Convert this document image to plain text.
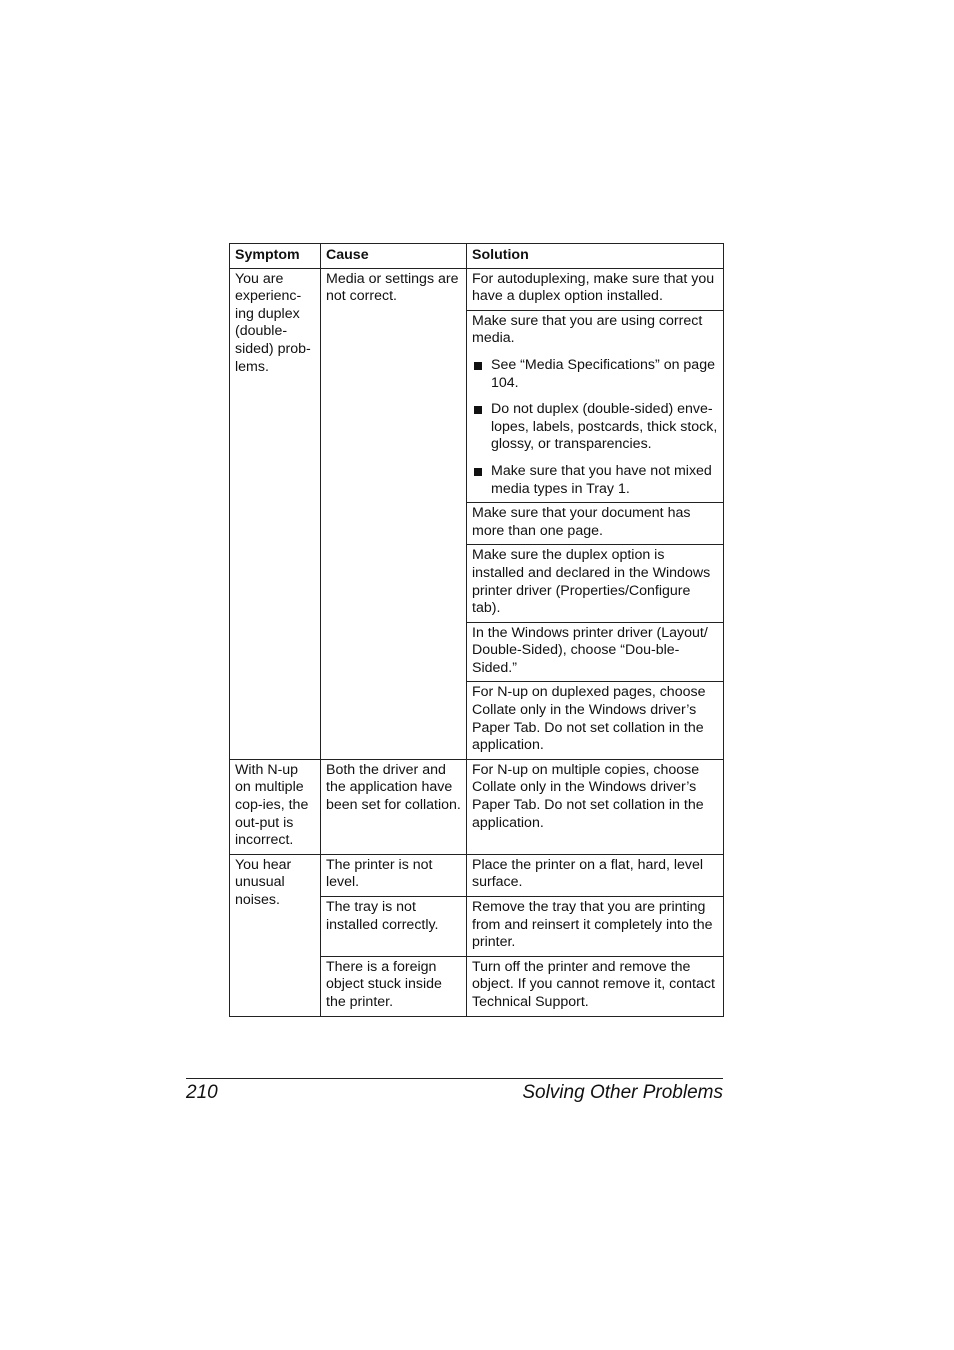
Symptom	Cause	Solution
You are experienc-ing duplex (double-sided) prob-lems.	Media or settings are not correct.	For autoduplexing, make sure that you have a duplex option installed.

		Make sure that you are using correct media.
See “Media Specifications” on page 104.
Do not duplex (double-sided) enve-lopes, labels, postcards, thick stock, glossy, or transparencies.
Make sure that you have not mixed media types in Tray 1.

		Make sure that your document has more than one page.
		Make sure the duplex option is installed and declared in the Windows printer driver (Properties/Configure tab).
		In the Windows printer driver (Layout/ Double-Sided), choose “Dou-ble-Sided.”
		For N-up on duplexed pages, choose Collate only in the Windows driver’s Paper Tab. Do not set collation in the application.
With N-up on multiple cop-ies, the out-put is incorrect.	Both the driver and the application have been set for collation.	For N-up on multiple copies, choose Collate only in the Windows driver’s Paper Tab. Do not set collation in the application.
You hear unusual noises.	The printer is not level.	Place the printer on a flat, hard, level surface.
	The tray is not installed correctly.	Remove the tray that you are printing from and reinsert it completely into the printer.
	There is a foreign object stuck inside the printer.	Turn off the printer and remove the object. If you cannot remove it, contact Technical Support.
210	Solving Other Problems
